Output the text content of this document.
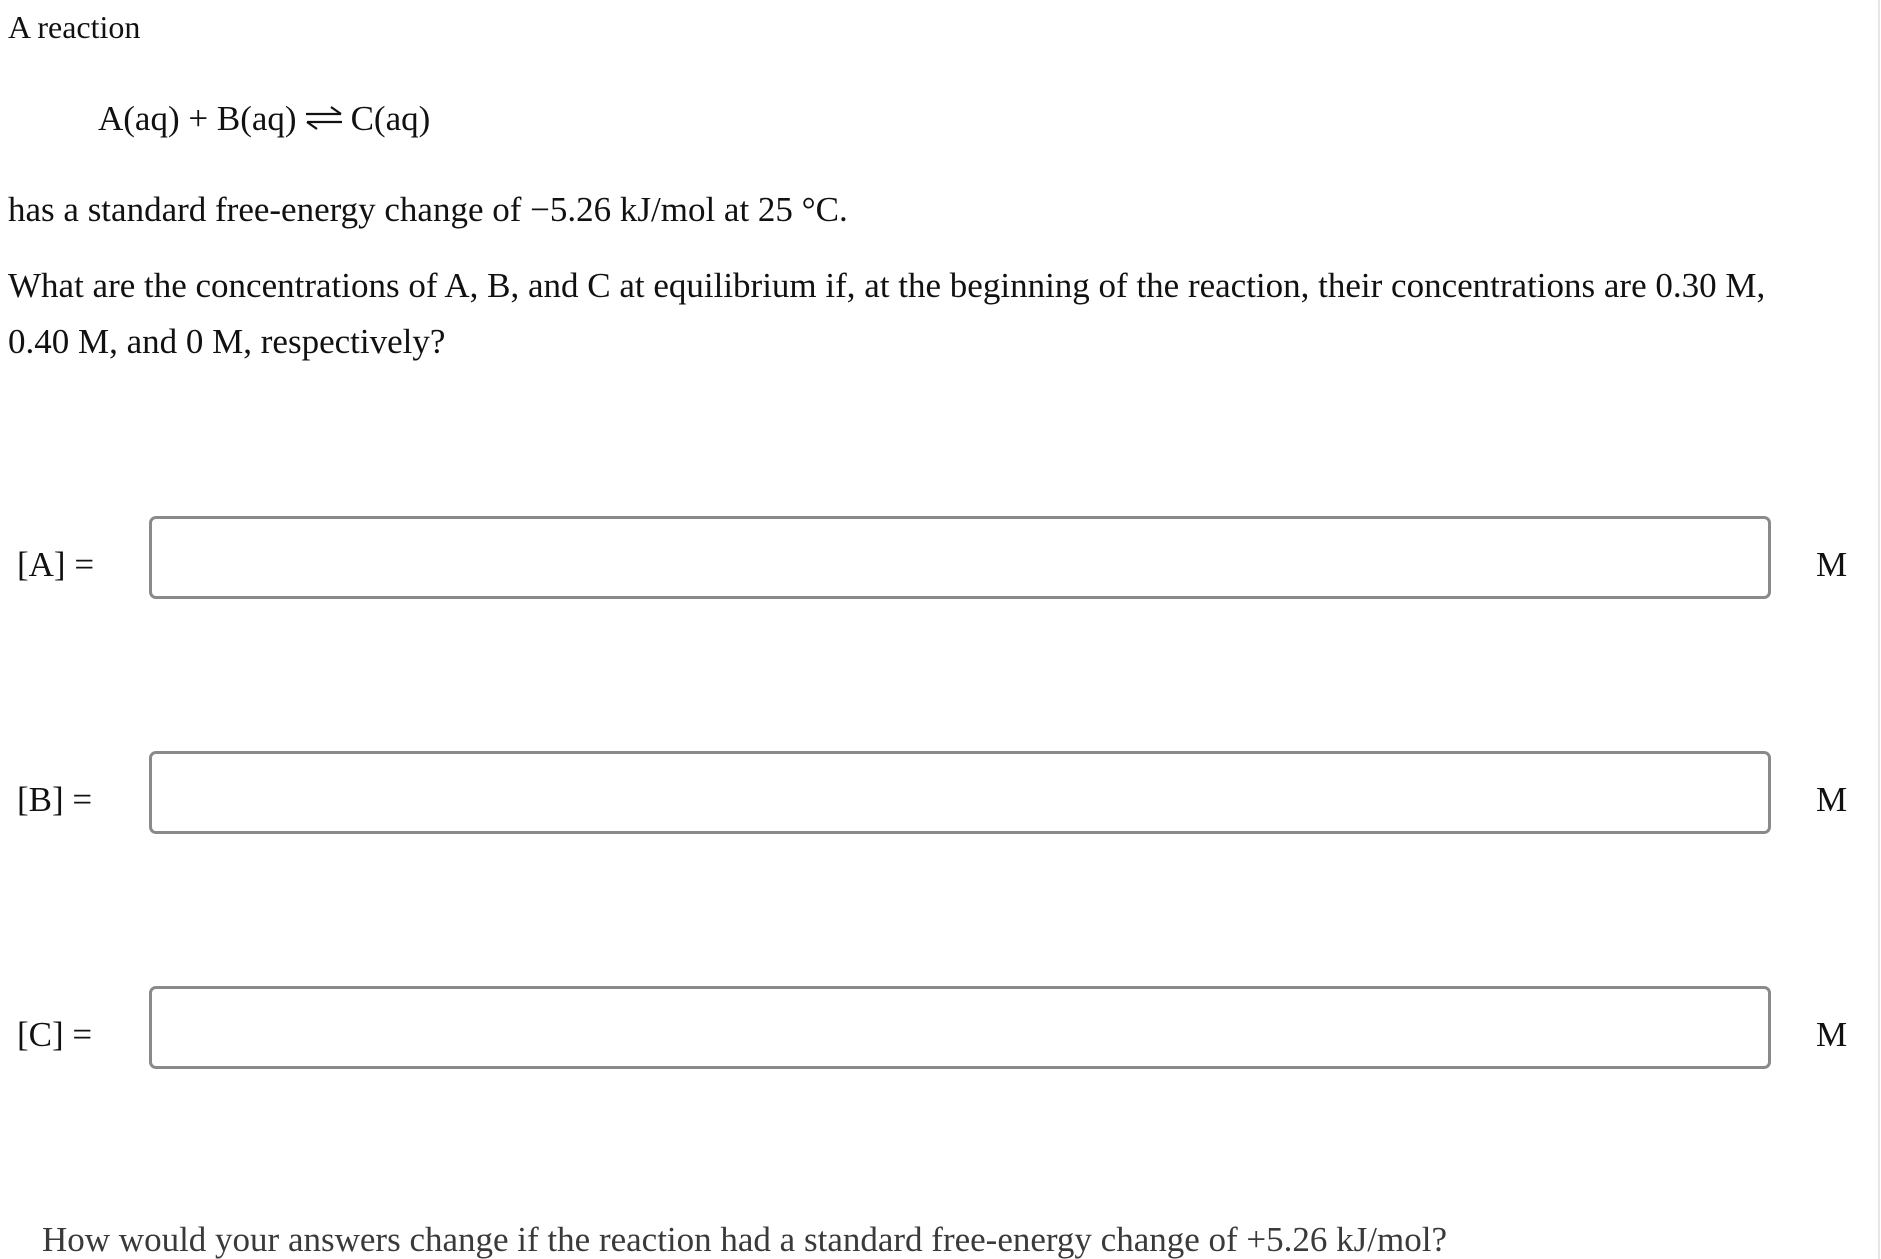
A reaction
A(aq) + B(aq) ⇌ C(aq)
has a standard free-energy change of −5.26 kJ/mol at 25 °C.
What are the concentrations of A, B, and C at equilibrium if, at the beginning of the reaction, their concentrations are 0.30 M,
0.40 M, and 0 M, respectively?
[A] =	M
[B] =	M
[C] =	M
How would your answers change if the reaction had a standard free-energy change of +5.26 kJ/mol?
